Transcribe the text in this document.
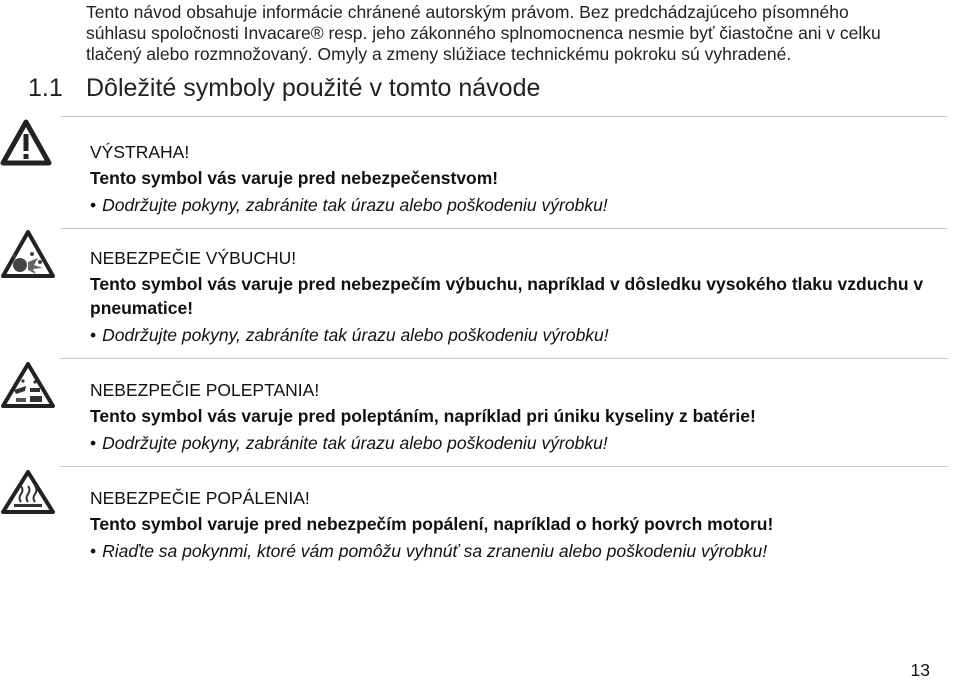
Tento návod obsahuje informácie chránené autorským právom. Bez predchádzajúceho písomného

súhlasu spoločnosti Invacare® resp. jeho zákonného splnomocnenca nesmie byť čiastočne ani v celku

tlačený alebo rozmnožovaný. Omyly a zmeny slúžiace technickému pokroku sú vyhradené.

1.1 Dôležité symboly použité v tomto návode
VÝSTRAHA!
Tento symbol vás varuje pred nebezpečenstvom!
• Dodržujte pokyny, zabránite tak úrazu alebo poškodeniu výrobku!
NEBEZPEČIE VÝBUCHU!
Tento symbol vás varuje pred nebezpečím výbuchu, napríklad v dôsledku vysokého tlaku vzduchu v pneumatice!
• Dodržujte pokyny, zabráníte tak úrazu alebo poškodeniu výrobku!
NEBEZPEČIE POLEPTANIA!
Tento symbol vás varuje pred poleptáním, napríklad pri úniku kyseliny z batérie!
• Dodržujte pokyny, zabránite tak úrazu alebo poškodeniu výrobku!
NEBEZPEČIE POPÁLENIA!
Tento symbol varuje pred nebezpečím popálení, napríklad o horký povrch motoru!
• Riaďte sa pokynmi, ktoré vám pomôžu vyhnúť sa zraneniu alebo poškodeniu výrobku!
13
